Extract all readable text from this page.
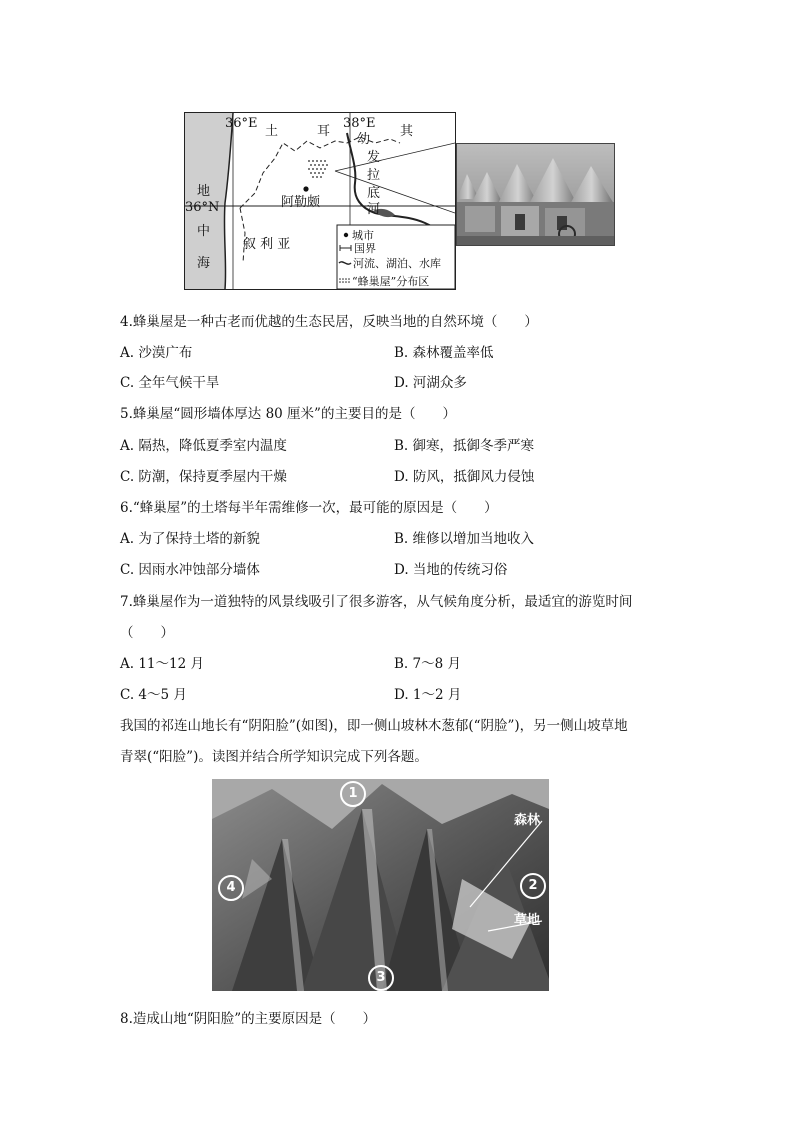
36°E	38°E
36°N
土	耳	其
叙 利 亚
地
中
海
幼
发
拉
底
河
阿勒颇
城市
国界
河流、湖泊、水库
“蜂巢屋”分布区
4.蜂巢屋是一种古老而优越的生态民居，反映当地的自然环境（　　）
A. 沙漠广布	B. 森林覆盖率低
C. 全年气候干旱	D. 河湖众多
5.蜂巢屋“圆形墙体厚达 80 厘米”的主要目的是（　　）
A. 隔热，降低夏季室内温度	B. 御寒，抵御冬季严寒
C. 防潮，保持夏季屋内干燥	D. 防风，抵御风力侵蚀
6.“蜂巢屋”的土塔每半年需维修一次，最可能的原因是（　　）
A. 为了保持土塔的新貌	B. 维修以增加当地收入
C. 因雨水冲蚀部分墙体	D. 当地的传统习俗
7.蜂巢屋作为一道独特的风景线吸引了很多游客，从气候角度分析，最适宜的游览时间
（　　）
A. 11～12 月	B. 7～8 月
C. 4～5 月	D. 1～2 月
我国的祁连山地长有“阴阳脸”(如图)，即一侧山坡林木葱郁(“阴脸”)，另一侧山坡草地
青翠(“阳脸”)。读图并结合所学知识完成下列各题。
1
2
3
4
森林
草地
8.造成山地“阴阳脸”的主要原因是（　　）
